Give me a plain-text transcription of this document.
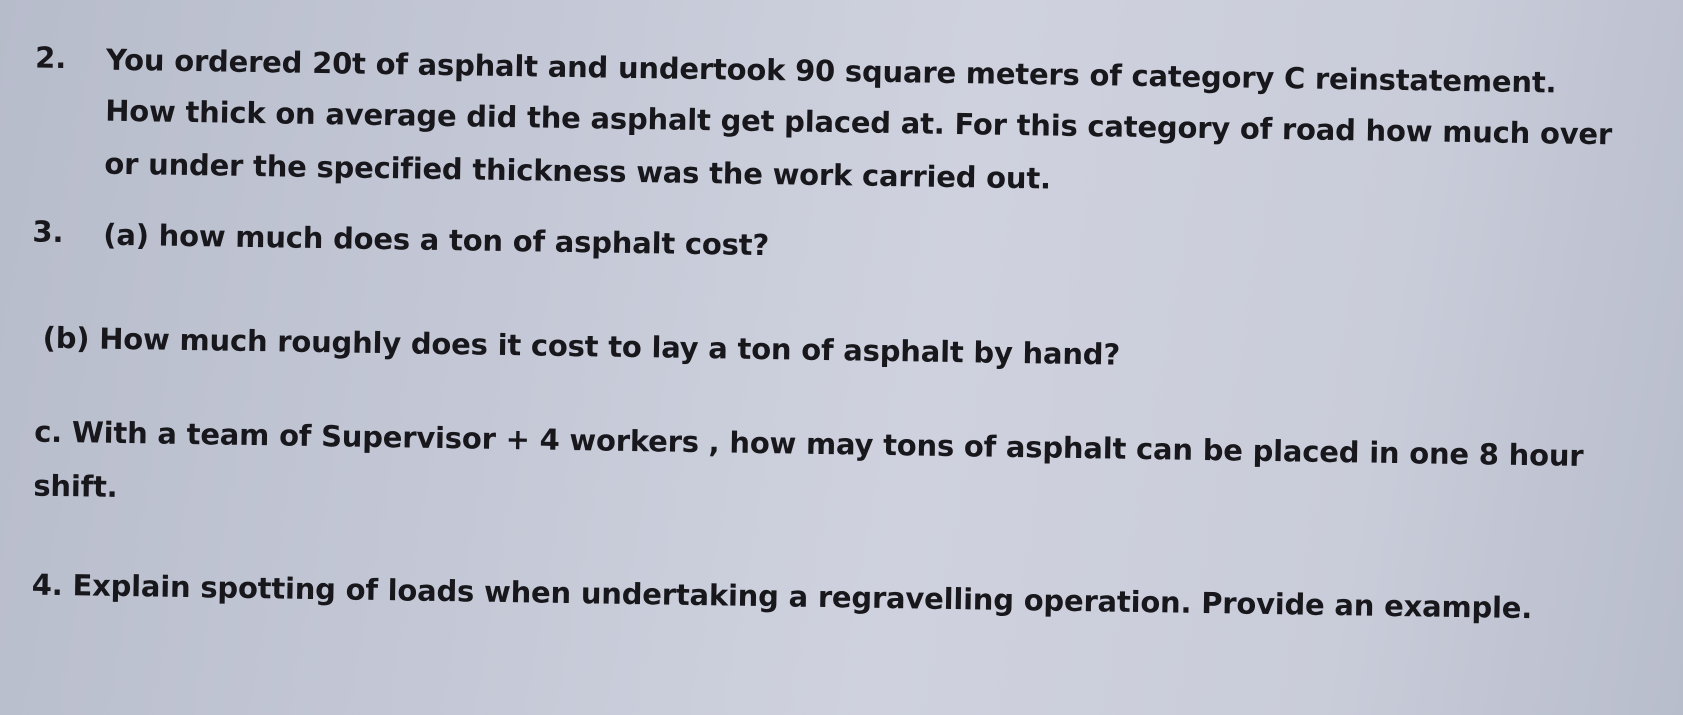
2. You ordered 20t of asphalt and undertook 90 square meters of category C reinstatement.
How thick on average did the asphalt get placed at. For this category of road how much over
or under the specified thickness was the work carried out.
3. (a) how much does a ton of asphalt cost?
(b) How much roughly does it cost to lay a ton of asphalt by hand?
c. With a team of Supervisor + 4 workers , how may tons of asphalt can be placed in one 8 hour
shift.
4. Explain spotting of loads when undertaking a regravelling operation. Provide an example.
